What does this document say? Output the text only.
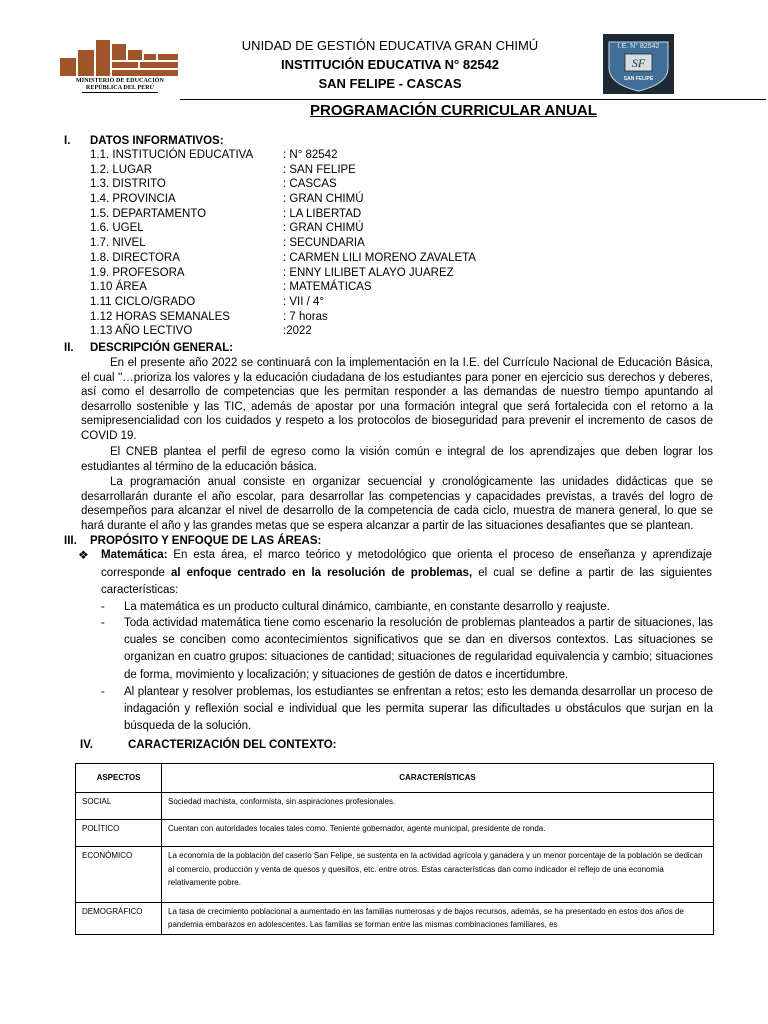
MINISTERIO DE EDUCACIÓN
REPÚBLICA DEL PERÚ
UNIDAD DE GESTIÓN EDUCATIVA GRAN CHIMÚ
INSTITUCIÓN EDUCATIVA N° 82542
SAN FELIPE - CASCAS
I.E. N° 82542
SF
SAN FELIPE
PROGRAMACIÓN CURRICULAR ANUAL
I. DATOS INFORMATIVOS:
1.1. INSTITUCIÓN EDUCATIVA	: N° 82542
1.2. LUGAR	: SAN FELIPE
1.3. DISTRITO	: CASCAS
1.4. PROVINCIA	: GRAN CHIMÚ
1.5. DEPARTAMENTO	: LA LIBERTAD
1.6. UGEL	: GRAN CHIMÚ
1.7. NIVEL	: SECUNDARIA
1.8. DIRECTORA	: CARMEN LILI MORENO ZAVALETA
1.9. PROFESORA	: ENNY LILIBET ALAYO JUAREZ
1.10 ÁREA	: MATEMÁTICAS
1.11 CICLO/GRADO	: VII / 4°
1.12 HORAS SEMANALES	: 7 horas
1.13 AÑO LECTIVO	:2022
II. DESCRIPCIÓN GENERAL:
En el presente año 2022 se continuará con la implementación en la I.E. del Currículo Nacional de Educación Básica, el cual "…prioriza los valores y la educación ciudadana de los estudiantes para poner en ejercicio sus derechos y deberes, así como el desarrollo de competencias que les permitan responder a las demandas de nuestro tiempo apuntando al desarrollo sostenible y las TIC, además de apostar por una formación integral que será fortalecida con el retorno a la semipresencialidad con los cuidados y respeto a los protocolos de bioseguridad para prevenir el incremento de casos de COVID 19.
El CNEB plantea el perfil de egreso como la visión común e integral de los aprendizajes que deben lograr los estudiantes al término de la educación básica.
La programación anual consiste en organizar secuencial y cronológicamente las unidades didácticas que se desarrollarán durante el año escolar, para desarrollar las competencias y capacidades previstas, a través del logro de desempeños para alcanzar el nivel de desarrollo de la competencia de cada ciclo, muestra de manera general, lo que se hará durante el año y las grandes metas que se espera alcanzar a partir de las situaciones desafiantes que se plantean.
III. PROPÓSITO Y ENFOQUE DE LAS ÁREAS:
❖ Matemática: En esta área, el marco teórico y metodológico que orienta el proceso de enseñanza y aprendizaje corresponde al enfoque centrado en la resolución de problemas, el cual se define a partir de las siguientes características:
- La matemática es un producto cultural dinámico, cambiante, en constante desarrollo y reajuste.
- Toda actividad matemática tiene como escenario la resolución de problemas planteados a partir de situaciones, las cuales se conciben como acontecimientos significativos que se dan en diversos contextos. Las situaciones se organizan en cuatro grupos: situaciones de cantidad; situaciones de regularidad equivalencia y cambio; situaciones de forma, movimiento y localización; y situaciones de gestión de datos e incertidumbre.
- Al plantear y resolver problemas, los estudiantes se enfrentan a retos; esto les demanda desarrollar un proceso de indagación y reflexión social e individual que les permita superar las dificultades u obstáculos que surjan en la búsqueda de la solución.
IV.	CARACTERIZACIÓN DEL CONTEXTO:
ASPECTOS	CARACTERÍSTICAS
SOCIAL	Sociedad machista, conformista, sin aspiraciones profesionales.
POLÍTICO	Cuentan con autoridades locales tales como. Teniente gobernador, agente municipal, presidente de ronda.
ECONÓMICO	La economía de la población del caserío San Felipe, se sustenta en la actividad agrícola y ganadera y un menor porcentaje de la población se dedican al comercio, producción y venta de quesos y quesillos, etc. entre otros. Estas características dan como indicador el reflejo de una economía relativamente pobre.
DEMOGRÁFICO	La tasa de crecimiento poblacional a aumentado en las familias numerosas y de bajos recursos, además, se ha presentado en estos dos años de pandemia embarazos en adolescentes. Las familias se forman entre las mismas combinaciones familiares, es
